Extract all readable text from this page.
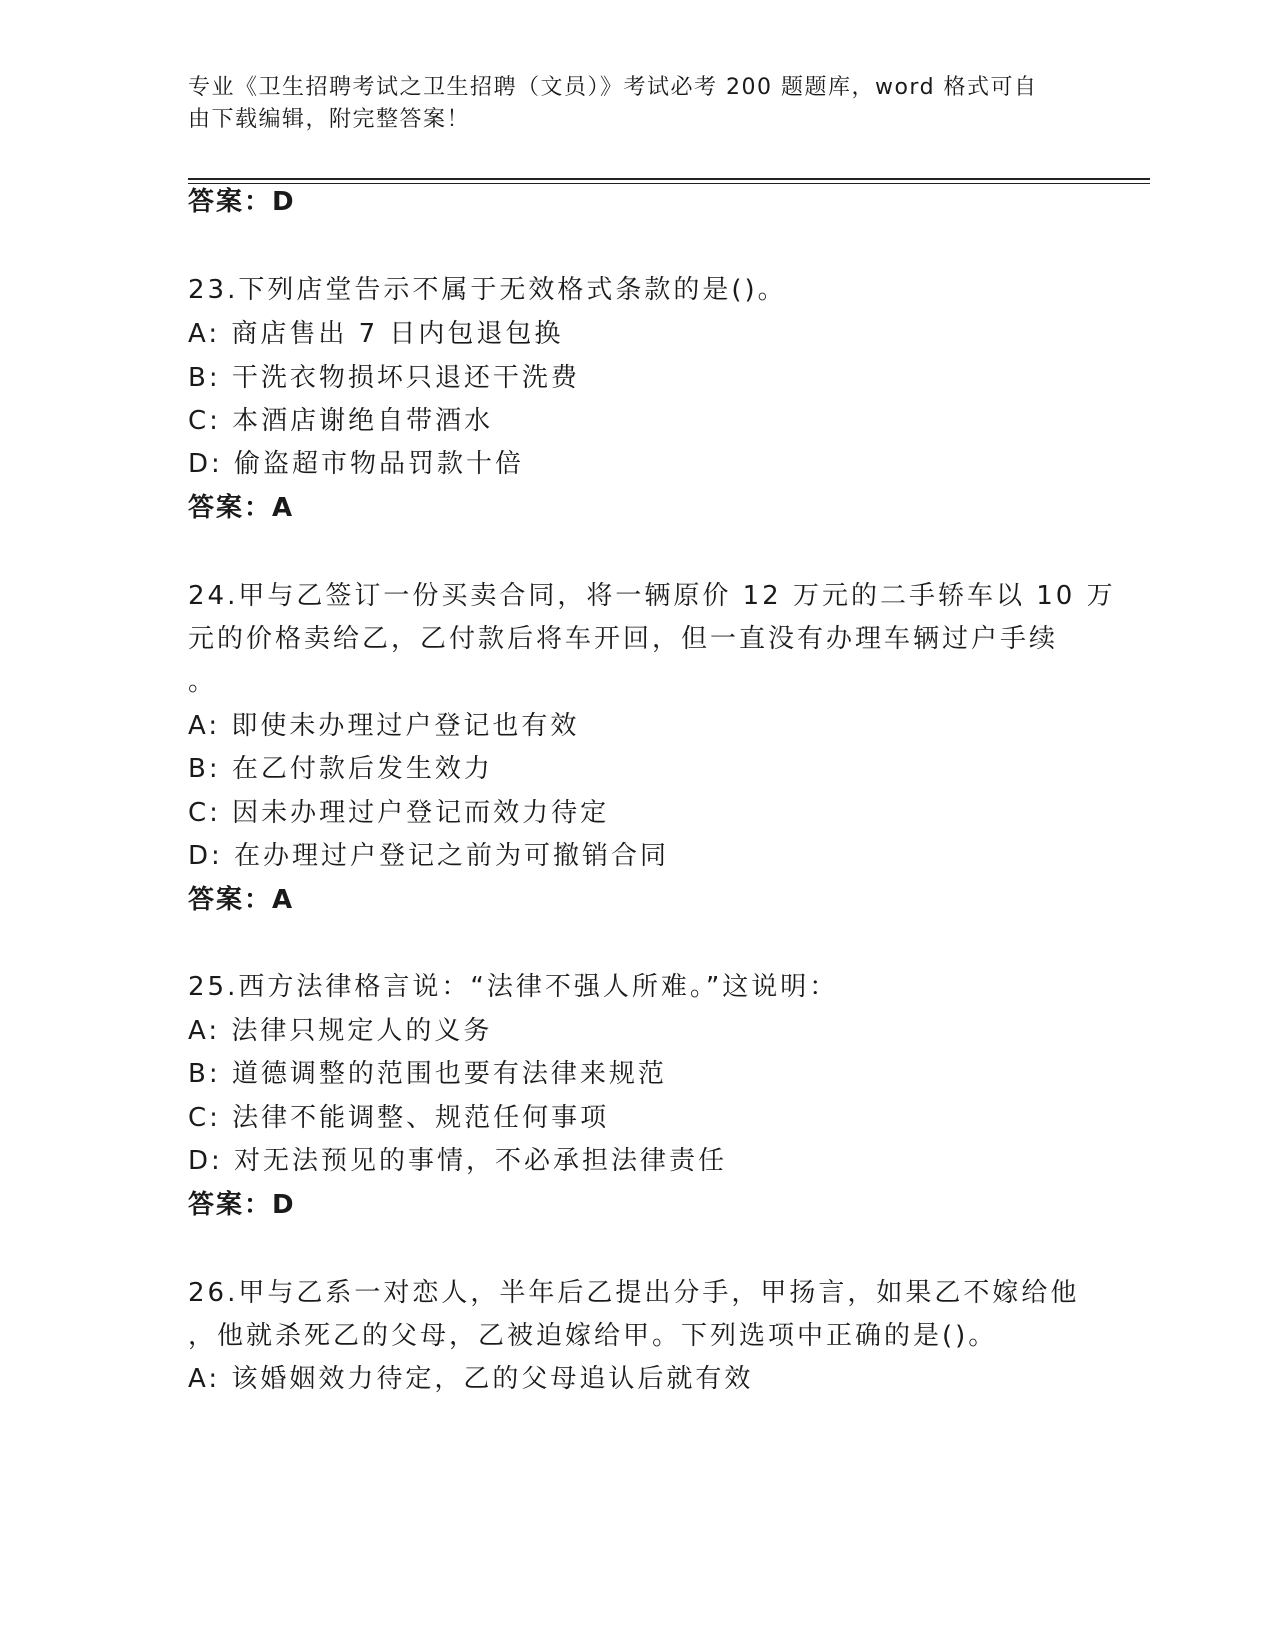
专业《卫生招聘考试之卫生招聘（文员）》考试必考 200 题题库，word 格式可自
由下载编辑，附完整答案！
答案：D
23.下列店堂告示不属于无效格式条款的是()。
A: 商店售出 7 日内包退包换
B: 干洗衣物损坏只退还干洗费
C: 本酒店谢绝自带酒水
D: 偷盗超市物品罚款十倍
答案：A
24.甲与乙签订一份买卖合同，将一辆原价 12 万元的二手轿车以 10 万
元的价格卖给乙，乙付款后将车开回，但一直没有办理车辆过户手续
。
A: 即使未办理过户登记也有效
B: 在乙付款后发生效力
C: 因未办理过户登记而效力待定
D: 在办理过户登记之前为可撤销合同
答案：A
25.西方法律格言说：“法律不强人所难。”这说明：
A: 法律只规定人的义务
B: 道德调整的范围也要有法律来规范
C: 法律不能调整、规范任何事项
D: 对无法预见的事情，不必承担法律责任
答案：D
26.甲与乙系一对恋人，半年后乙提出分手，甲扬言，如果乙不嫁给他
，他就杀死乙的父母，乙被迫嫁给甲。下列选项中正确的是()。
A: 该婚姻效力待定，乙的父母追认后就有效
